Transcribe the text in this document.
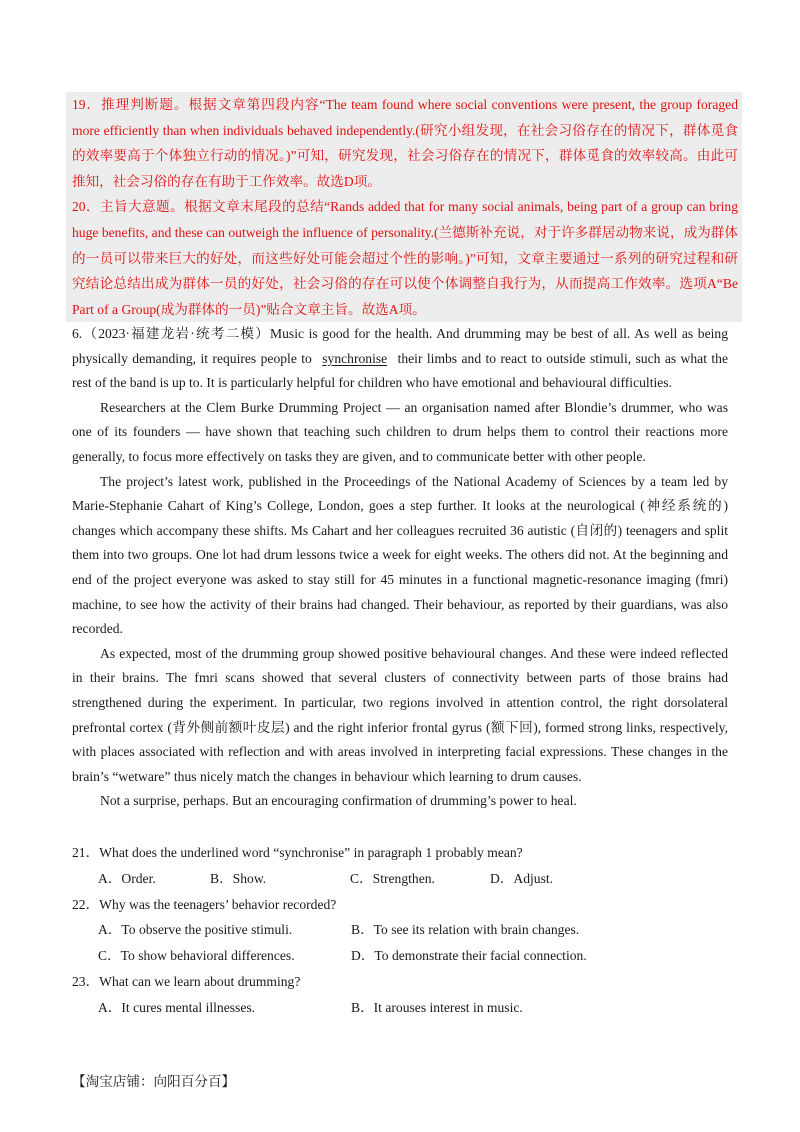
19．推理判断题。根据文章第四段内容“The team found where social conventions were present, the group foraged more efficiently than when individuals behaved independently.(研究小组发现，在社会习俗存在的情况下，群体觅食的效率要高于个体独立行动的情况。)”可知，研究发现，社会习俗存在的情况下，群体觅食的效率较高。由此可推知，社会习俗的存在有助于工作效率。故选D项。

20．主旨大意题。根据文章末尾段的总结“Rands added that for many social animals, being part of a group can bring huge benefits, and these can outweigh the influence of personality.(兰德斯补充说，对于许多群居动物来说，成为群体的一员可以带来巨大的好处，而这些好处可能会超过个性的影响。)”可知，文章主要通过一系列的研究过程和研究结论总结出成为群体一员的好处，社会习俗的存在可以使个体调整自我行为，从而提高工作效率。选项A“Be Part of a Group(成为群体的一员)”贴合文章主旨。故选A项。

6.（2023·福建龙岩·统考二模）Music is good for the health. And drumming may be best of all. As well as being physically demanding, it requires people to synchronise their limbs and to react to outside stimuli, such as what the rest of the band is up to. It is particularly helpful for children who have emotional and behavioural difficulties.

Researchers at the Clem Burke Drumming Project — an organisation named after Blondie’s drummer, who was one of its founders — have shown that teaching such children to drum helps them to control their reactions more generally, to focus more effectively on tasks they are given, and to communicate better with other people.

The project’s latest work, published in the Proceedings of the National Academy of Sciences by a team led by Marie-Stephanie Cahart of King’s College, London, goes a step further. It looks at the neurological (神经系统的) changes which accompany these shifts. Ms Cahart and her colleagues recruited 36 autistic (自闭的) teenagers and split them into two groups. One lot had drum lessons twice a week for eight weeks. The others did not. At the beginning and end of the project everyone was asked to stay still for 45 minutes in a functional magnetic-resonance imaging (fmri) machine, to see how the activity of their brains had changed. Their behaviour, as reported by their guardians, was also recorded.

As expected, most of the drumming group showed positive behavioural changes. And these were indeed reflected in their brains. The fmri scans showed that several clusters of connectivity between parts of those brains had strengthened during the experiment. In particular, two regions involved in attention control, the right dorsolateral prefrontal cortex (背外侧前额叶皮层) and the right inferior frontal gyrus (额下回), formed strong links, respectively, with places associated with reflection and with areas involved in interpreting facial expressions. These changes in the brain’s “wetware” thus nicely match the changes in behaviour which learning to drum causes.

Not a surprise, perhaps. But an encouraging confirmation of drumming’s power to heal.

21．What does the underlined word “synchronise” in paragraph 1 probably mean?

A．Order.	B．Show.	C．Strengthen.	D．Adjust.

22．Why was the teenagers’ behavior recorded?

A．To observe the positive stimuli.	B．To see its relation with brain changes.
C．To show behavioral differences.	D．To demonstrate their facial connection.

23．What can we learn about drumming?

A．It cures mental illnesses.	B．It arouses interest in music.
【淘宝店铺：向阳百分百】
